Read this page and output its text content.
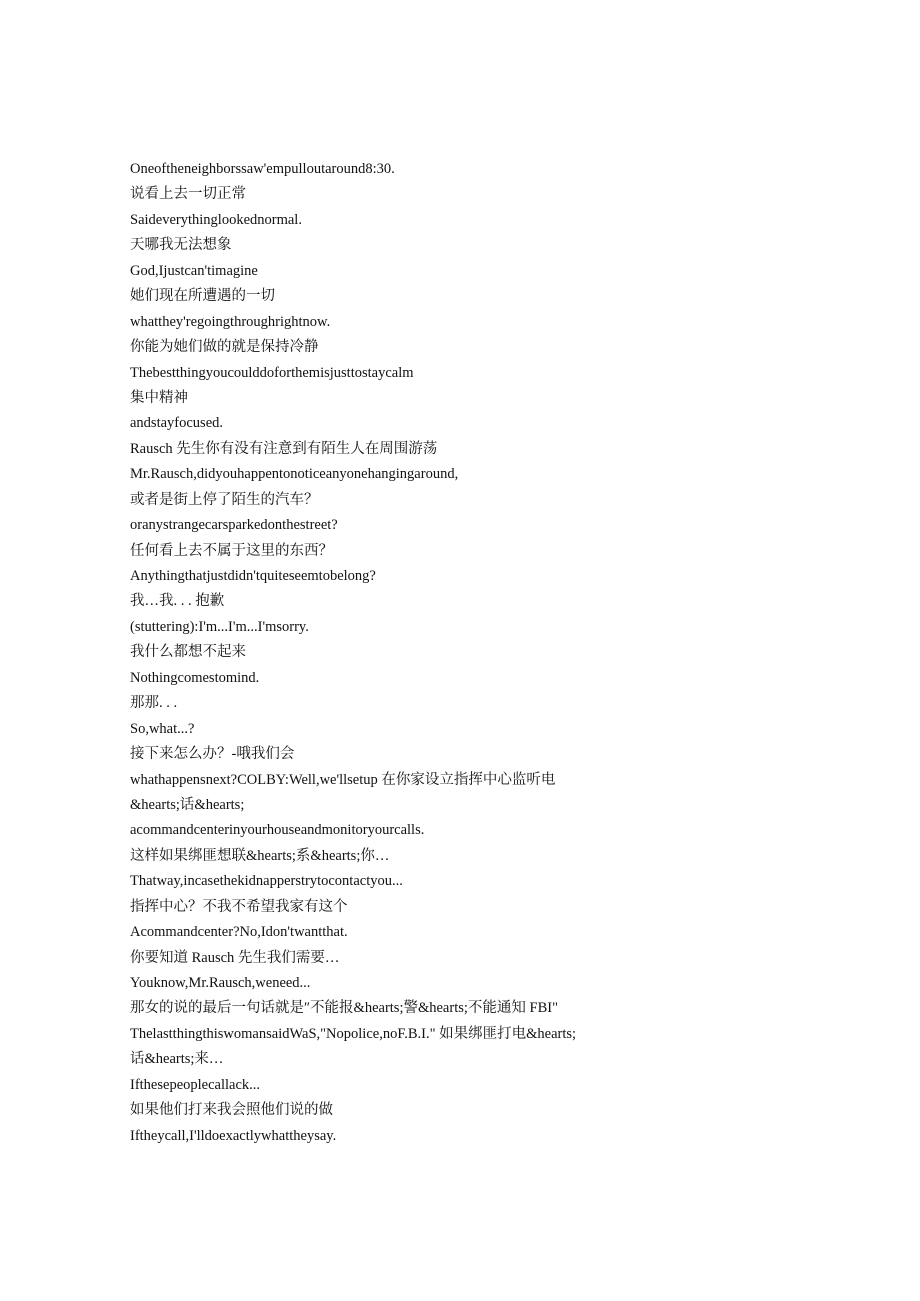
Oneoftheneighborssaw'empulloutaround8:30.
说看上去一切正常
Saideverythinglookednormal.
天哪我无法想象
God,Ijustcan'timagine
她们现在所遭遇的一切
whatthey'regoingthroughrightnow.
你能为她们做的就是保持冷静
Thebestthingyoucoulddoforthemisjusttostaycalm
集中精神
andstayfocused.
Rausch 先生你有没有注意到有陌生人在周围游荡
Mr.Rausch,didyouhappentonoticeanyonehangingaround,
或者是街上停了陌生的汽车？
oranystrangecarsparkedonthestreet?
任何看上去不属于这里的东西？
Anythingthatjustdidn'tquiteseemtobelong?
我…我. . . 抱歉
(stuttering):I'm...I'm...I'msorry.
我什么都想不起来
Nothingcomestomind.
那那. . .
So,what...?
接下来怎么办？-哦我们会
whathappensnext?COLBY:Well,we'llsetup 在你家设立指挥中心监听电
&hearts;话&hearts;
acommandcenterinyourhouseandmonitoryourcalls.
这样如果绑匪想联&hearts;系&hearts;你…
Thatway,incasethekidnapperstrytocontactyou...
指挥中心？不我不希望我家有这个
Acommandcenter?No,Idon'twantthat.
你要知道 Rausch 先生我们需要…
Youknow,Mr.Rausch,weneed...
那女的说的最后一句话就是″不能报&hearts;警&hearts;不能通知 FBI"
ThelastthingthiswomansaidWaS,"Nopolice,noF.B.I." 如果绑匪打电&hearts;
话&hearts;来…
Ifthesepeoplecallack...
如果他们打来我会照他们说的做
Iftheycall,I'lldoexactlywhattheysay.
